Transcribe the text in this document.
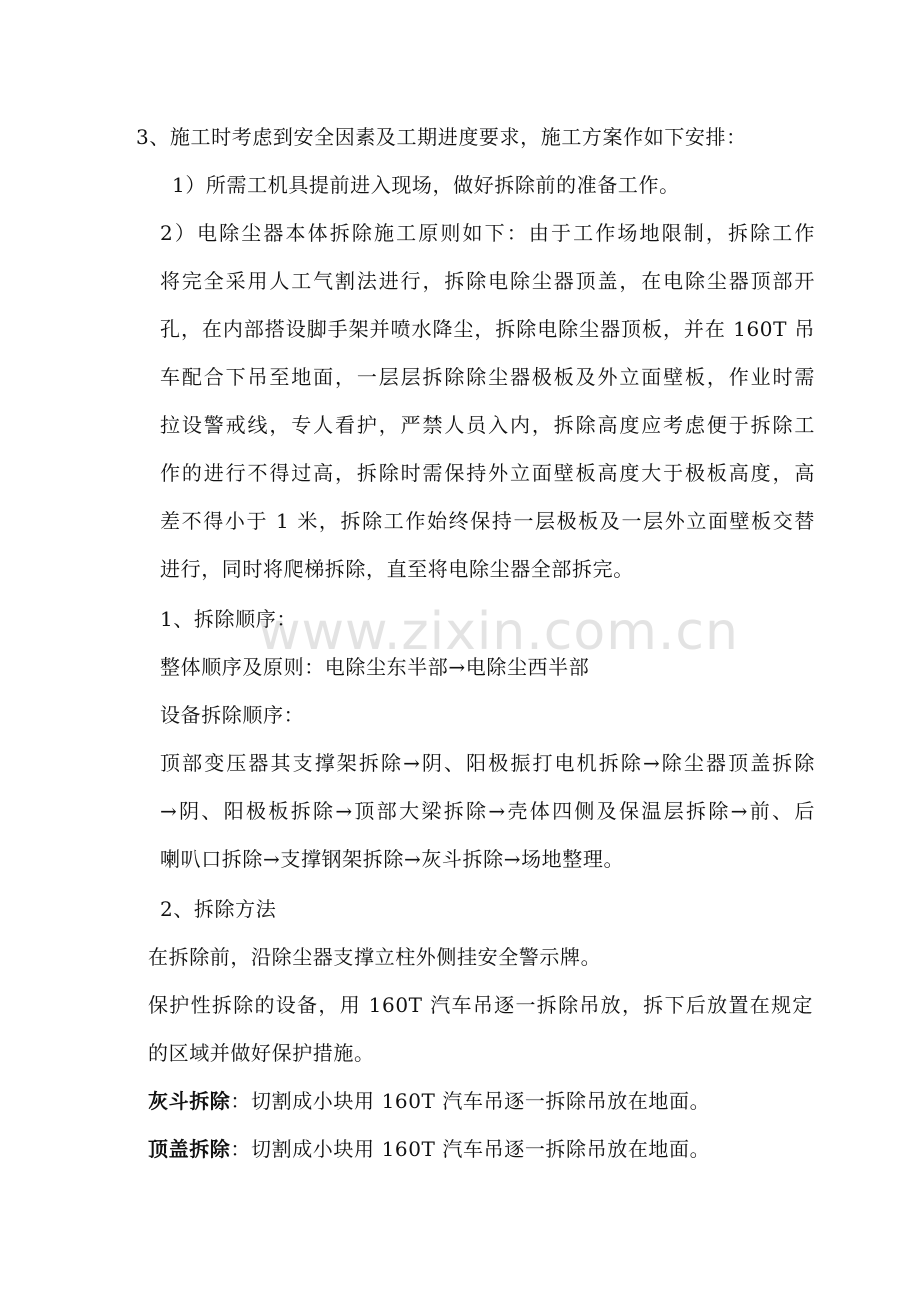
www.zixin.com.cn
3、施工时考虑到安全因素及工期进度要求，施工方案作如下安排：
1）所需工机具提前进入现场，做好拆除前的准备工作。
2）电除尘器本体拆除施工原则如下：由于工作场地限制，拆除工作
将完全采用人工气割法进行，拆除电除尘器顶盖，在电除尘器顶部开
孔，在内部搭设脚手架并喷水降尘，拆除电除尘器顶板，并在 160T 吊
车配合下吊至地面，一层层拆除除尘器极板及外立面壁板，作业时需
拉设警戒线，专人看护，严禁人员入内，拆除高度应考虑便于拆除工
作的进行不得过高，拆除时需保持外立面壁板高度大于极板高度，高
差不得小于 1 米，拆除工作始终保持一层极板及一层外立面壁板交替
进行，同时将爬梯拆除，直至将电除尘器全部拆完。
1、拆除顺序：
整体顺序及原则：电除尘东半部→电除尘西半部
设备拆除顺序：
顶部变压器其支撑架拆除→阴、阳极振打电机拆除→除尘器顶盖拆除
→阴、阳极板拆除→顶部大梁拆除→壳体四侧及保温层拆除→前、后
喇叭口拆除→支撑钢架拆除→灰斗拆除→场地整理。
2、拆除方法
在拆除前，沿除尘器支撑立柱外侧挂安全警示牌。
保护性拆除的设备，用 160T 汽车吊逐一拆除吊放，拆下后放置在规定
的区域并做好保护措施。
灰斗拆除：切割成小块用 160T 汽车吊逐一拆除吊放在地面。
顶盖拆除：切割成小块用 160T 汽车吊逐一拆除吊放在地面。
